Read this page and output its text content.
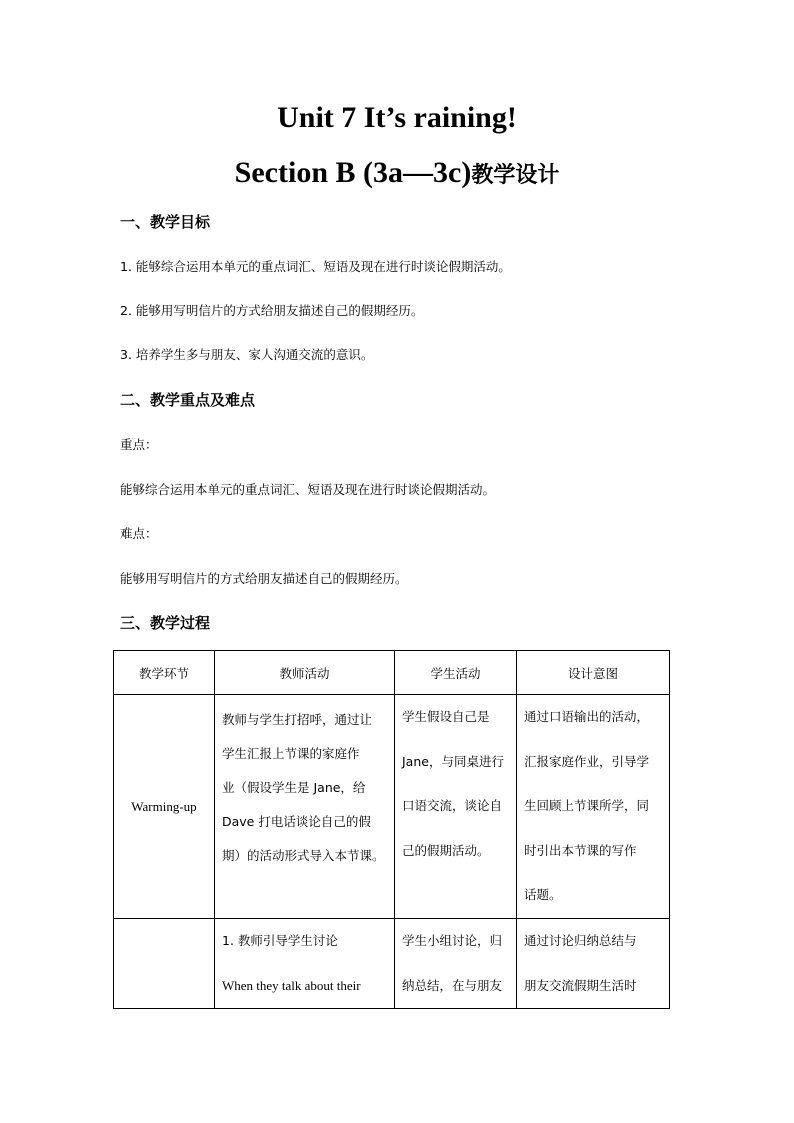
Unit 7 It’s raining!
Section B (3a—3c)教学设计
一、教学目标
1. 能够综合运用本单元的重点词汇、短语及现在进行时谈论假期活动。
2. 能够用写明信片的方式给朋友描述自己的假期经历。
3. 培养学生多与朋友、家人沟通交流的意识。
二、教学重点及难点
重点：
能够综合运用本单元的重点词汇、短语及现在进行时谈论假期活动。
难点：
能够用写明信片的方式给朋友描述自己的假期经历。
三、教学过程
教学环节	教师活动	学生活动	设计意图
Warming-up	教师与学生打招呼，通过让
学生汇报上节课的家庭作
业（假设学生是 Jane，给
Dave 打电话谈论自己的假
期）的活动形式导入本节课。	学生假设自己是
Jane，与同桌进行
口语交流，谈论自
己的假期活动。	通过口语输出的活动，
汇报家庭作业，引导学
生回顾上节课所学，同
时引出本节课的写作
话题。

	1. 教师引导学生讨论
When they talk about their	学生小组讨论，归
纳总结，在与朋友	通过讨论归纳总结与
朋友交流假期生活时
